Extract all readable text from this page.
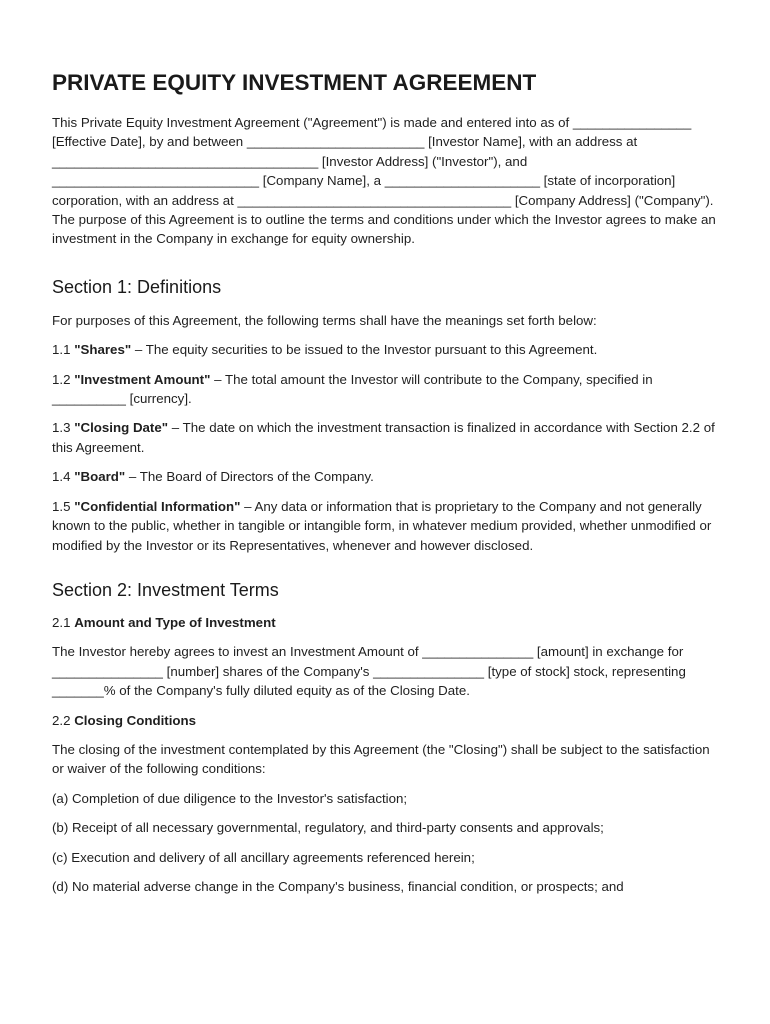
PRIVATE EQUITY INVESTMENT AGREEMENT

This Private Equity Investment Agreement ("Agreement") is made and entered into as of ________________ [Effective Date], by and between ________________________ [Investor Name], with an address at ____________________________________ [Investor Address] ("Investor"), and ____________________________ [Company Name], a _____________________ [state of incorporation] corporation, with an address at _____________________________________ [Company Address] ("Company"). The purpose of this Agreement is to outline the terms and conditions under which the Investor agrees to make an investment in the Company in exchange for equity ownership.

Section 1: Definitions

For purposes of this Agreement, the following terms shall have the meanings set forth below:

1.1 "Shares" – The equity securities to be issued to the Investor pursuant to this Agreement.

1.2 "Investment Amount" – The total amount the Investor will contribute to the Company, specified in __________ [currency].

1.3 "Closing Date" – The date on which the investment transaction is finalized in accordance with Section 2.2 of this Agreement.

1.4 "Board" – The Board of Directors of the Company.

1.5 "Confidential Information" – Any data or information that is proprietary to the Company and not generally known to the public, whether in tangible or intangible form, in whatever medium provided, whether unmodified or modified by the Investor or its Representatives, whenever and however disclosed.

Section 2: Investment Terms
2.1 Amount and Type of Investment

The Investor hereby agrees to invest an Investment Amount of _______________ [amount] in exchange for _______________ [number] shares of the Company's _______________ [type of stock] stock, representing _______% of the Company's fully diluted equity as of the Closing Date.

2.2 Closing Conditions

The closing of the investment contemplated by this Agreement (the "Closing") shall be subject to the satisfaction or waiver of the following conditions:

(a) Completion of due diligence to the Investor's satisfaction;

(b) Receipt of all necessary governmental, regulatory, and third-party consents and approvals;

(c) Execution and delivery of all ancillary agreements referenced herein;

(d) No material adverse change in the Company's business, financial condition, or prospects; and
